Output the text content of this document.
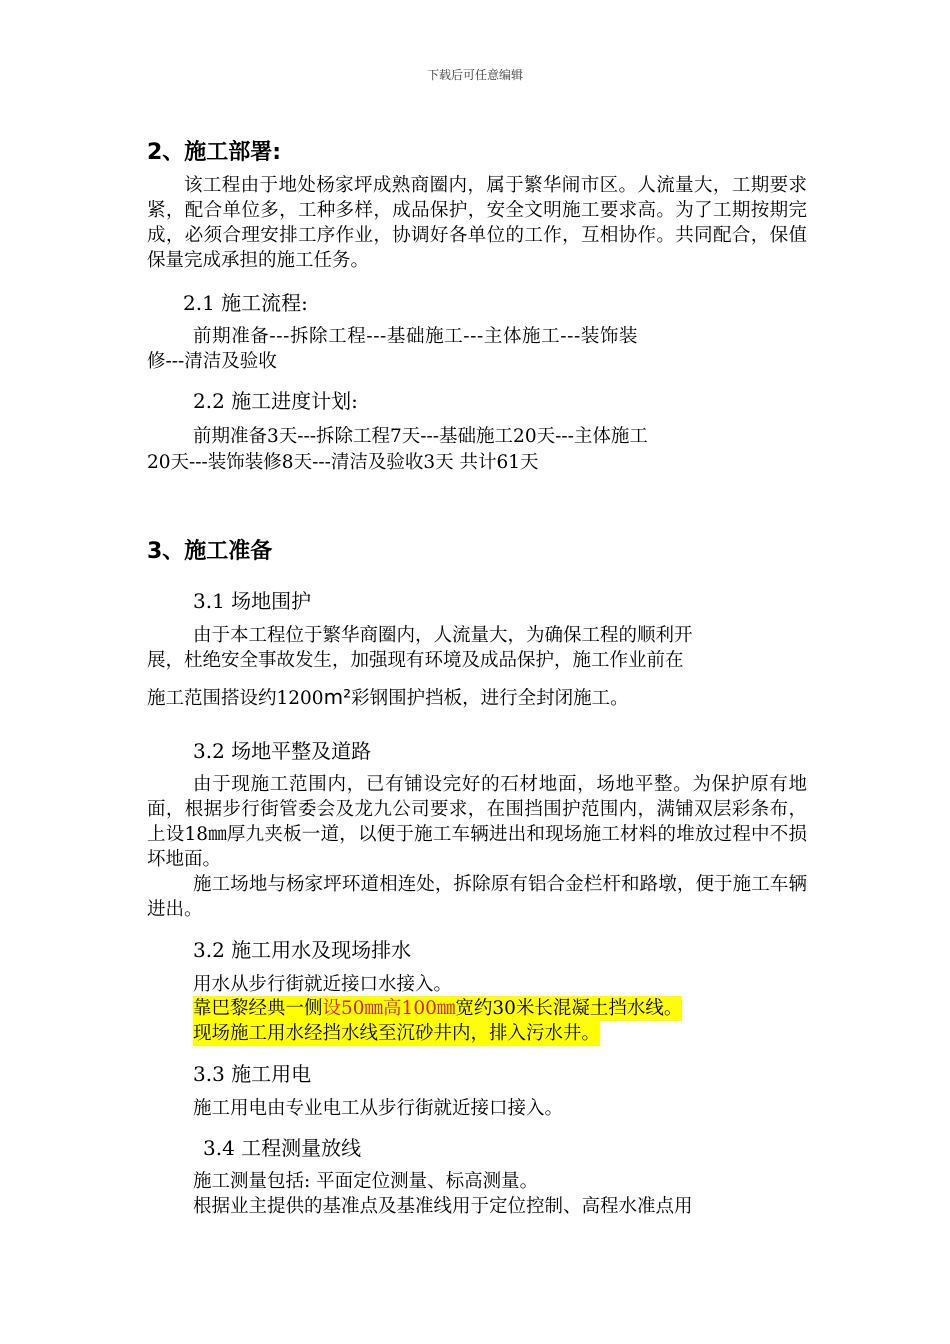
下载后可任意编辑
2、施工部署:
该工程由于地处杨家坪成熟商圈内，属于繁华闹市区。人流量大，工期要求紧，配合单位多，工种多样，成品保护，安全文明施工要求高。为了工期按期完成，必须合理安排工序作业，协调好各单位的工作，互相协作。共同配合，保值保量完成承担的施工任务。
2.1 施工流程:
前期准备---拆除工程---基础施工---主体施工---装饰装
修---清洁及验收
2.2 施工进度计划:
前期准备3天---拆除工程7天---基础施工20天---主体施工
20天---装饰装修8天---清洁及验收3天 共计61天
3、施工准备
3.1 场地围护
由于本工程位于繁华商圈内，人流量大，为确保工程的顺利开
展，杜绝安全事故发生，加强现有环境及成品保护，施工作业前在
施工范围搭设约1200m²彩钢围护挡板，进行全封闭施工。
3.2 场地平整及道路
由于现施工范围内，已有铺设完好的石材地面，场地平整。为保护原有地面，根据步行街管委会及龙九公司要求，在围挡围护范围内，满铺双层彩条布，上设18㎜厚九夹板一道，以便于施工车辆进出和现场施工材料的堆放过程中不损坏地面。
施工场地与杨家坪环道相连处，拆除原有铝合金栏杆和路墩，便于施工车辆进出。
3.2 施工用水及现场排水
用水从步行街就近接口水接入。
靠巴黎经典一侧设50㎜高100㎜宽约30米长混凝土挡水线。
现场施工用水经挡水线至沉砂井内，排入污水井。
3.3 施工用电
施工用电由专业电工从步行街就近接口接入。
3.4 工程测量放线
施工测量包括: 平面定位测量、标高测量。
根据业主提供的基准点及基准线用于定位控制、高程水准点用
